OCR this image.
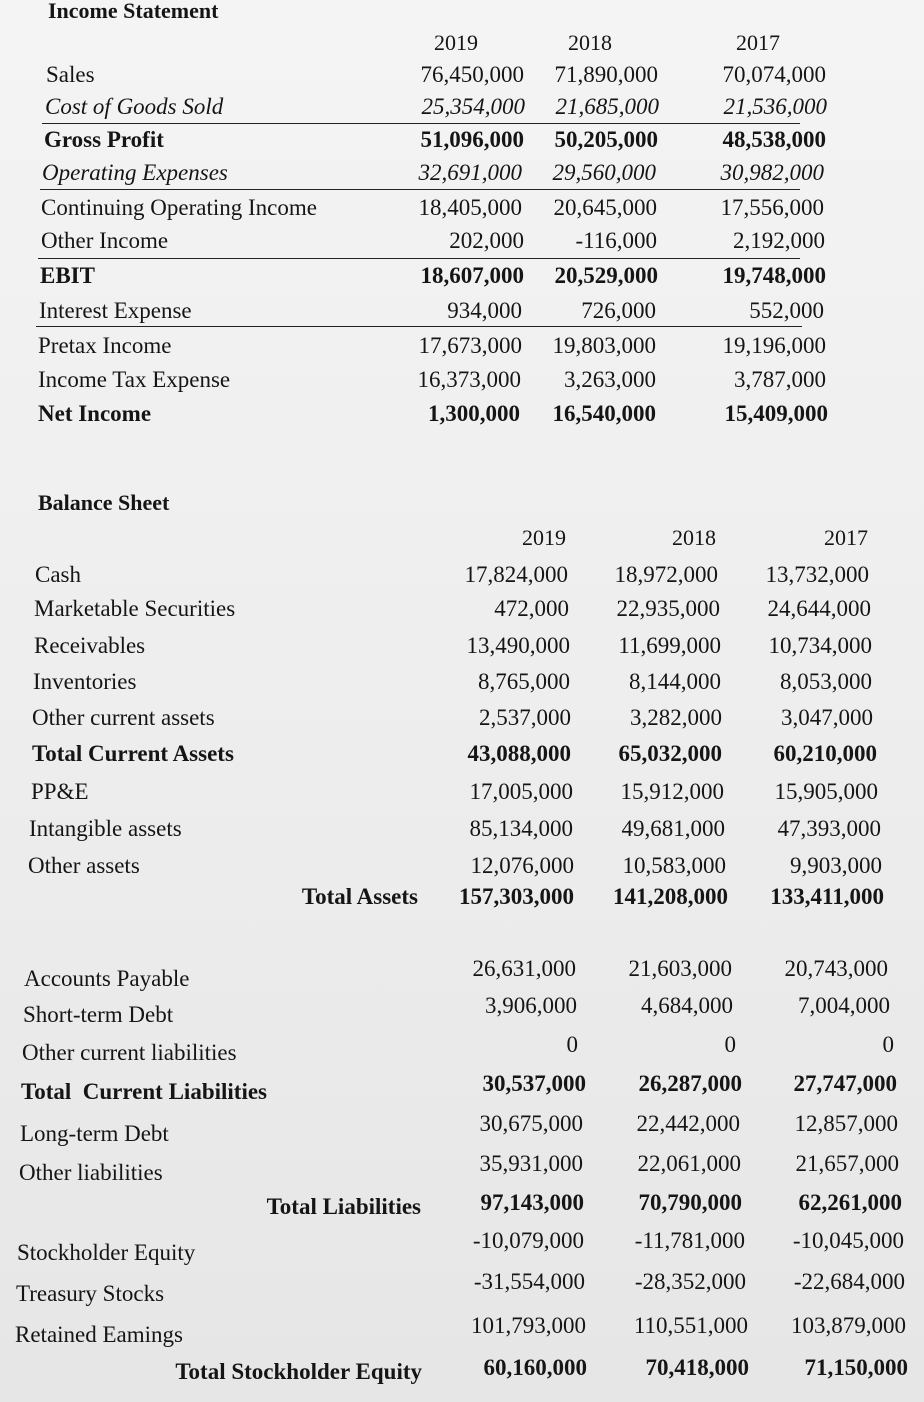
Income Statement
2019	2018	2017
Sales	76,450,000 71,890,000	70,074,000
Cost of Goods Sold	25,354,000 21,685,000	21,536,000
Gross Profit	51,096,000 50,205,000	48,538,000
Operating Expenses	32,691,000 29,560,000	30,982,000
Continuing Operating Income	18,405,000 20,645,000	17,556,000
Other Income	202,000 -116,000	2,192,000
EBIT	18,607,000 20,529,000	19,748,000
Interest Expense	934,000	726,000	552,000
Pretax Income	17,673,000 19,803,000	19,196,000
Income Tax Expense	16,373,000 3,263,000	3,787,000
Net Income	1,300,000 16,540,000	15,409,000
Balance Sheet
2019	2018	2017
Cash	17,824,000 18,972,000 13,732,000
Marketable Securities	472,000 22,935,000 24,644,000
Receivables	13,490,000 11,699,000 10,734,000
Inventories	8,765,000	8,144,000	8,053,000
Other current assets	2,537,000	3,282,000	3,047,000
Total Current Assets	43,088,000 65,032,000 60,210,000
PP&E	17,005,000 15,912,000 15,905,000
Intangible assets	85,134,000 49,681,000 47,393,000
Other assets	12,076,000 10,583,000	9,903,000
Total Assets 157,303,000 141,208,000 133,411,000
Accounts Payable	26,631,000 21,603,000 20,743,000
Short-term Debt	3,906,000	4,684,000	7,004,000
Other current liabilities	0	0	0
Total  Current Liabilities	30,537,000 26,287,000 27,747,000
Long-term Debt	30,675,000 22,442,000 12,857,000
Other liabilities	35,931,000 22,061,000 21,657,000
Total Liabilities	97,143,000 70,790,000 62,261,000
Stockholder Equity	-10,079,000 -11,781,000 -10,045,000
Treasury Stocks	-31,554,000 -28,352,000 -22,684,000
Retained Eamings	101,793,000 110,551,000 103,879,000
Total Stockholder Equity	60,160,000	70,418,000 71,150,000
